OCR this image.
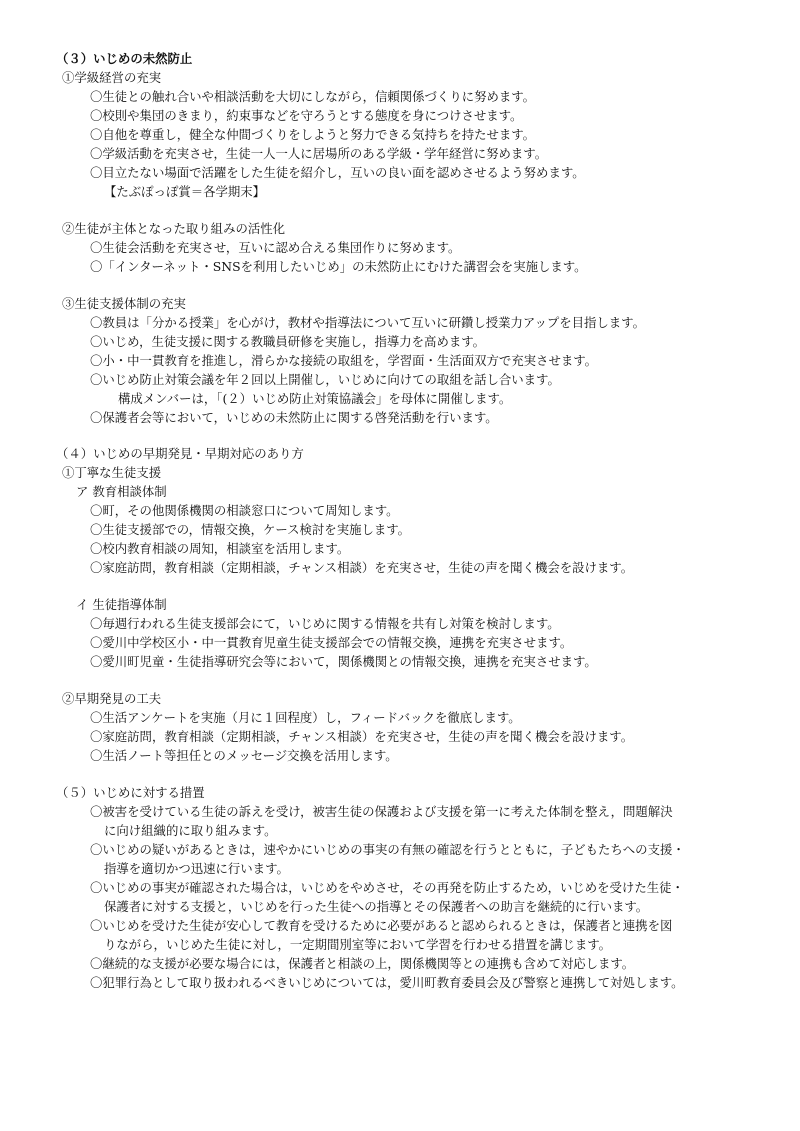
（３）いじめの未然防止
①学級経営の充実
〇生徒との触れ合いや相談活動を大切にしながら，信頼関係づくりに努めます。
〇校則や集団のきまり，約束事などを守ろうとする態度を身につけさせます。
〇自他を尊重し，健全な仲間づくりをしようと努力できる気持ちを持たせます。
〇学級活動を充実させ，生徒一人一人に居場所のある学級・学年経営に努めます。
〇目立たない場面で活躍をした生徒を紹介し，互いの良い面を認めさせるよう努めます。
【たぶぽっぽ賞＝各学期末】
②生徒が主体となった取り組みの活性化
〇生徒会活動を充実させ，互いに認め合える集団作りに努めます。
〇「インターネット・SNSを利用したいじめ」の未然防止にむけた講習会を実施します。
③生徒支援体制の充実
〇教員は「分かる授業」を心がけ，教材や指導法について互いに研鑽し授業力アップを目指します。
〇いじめ，生徒支援に関する教職員研修を実施し，指導力を高めます。
〇小・中一貫教育を推進し，滑らかな接続の取組を，学習面・生活面双方で充実させます。
〇いじめ防止対策会議を年２回以上開催し，いじめに向けての取組を話し合います。
構成メンバーは，「(２）いじめ防止対策協議会」を母体に開催します。
〇保護者会等において，いじめの未然防止に関する啓発活動を行います。
（４）いじめの早期発見・早期対応のあり方
①丁寧な生徒支援
ア 教育相談体制
〇町，その他関係機関の相談窓口について周知します。
〇生徒支援部での，情報交換，ケース検討を実施します。
〇校内教育相談の周知，相談室を活用します。
〇家庭訪問，教育相談（定期相談，チャンス相談）を充実させ，生徒の声を聞く機会を設けます。
イ 生徒指導体制
〇毎週行われる生徒支援部会にて，いじめに関する情報を共有し対策を検討します。
〇愛川中学校区小・中一貫教育児童生徒支援部会での情報交換，連携を充実させます。
〇愛川町児童・生徒指導研究会等において，関係機関との情報交換，連携を充実させます。
②早期発見の工夫
〇生活アンケートを実施（月に１回程度）し，フィードバックを徹底します。
〇家庭訪問，教育相談（定期相談，チャンス相談）を充実させ，生徒の声を聞く機会を設けます。
〇生活ノート等担任とのメッセージ交換を活用します。
（５）いじめに対する措置
〇被害を受けている生徒の訴えを受け，被害生徒の保護および支援を第一に考えた体制を整え，問題解決
に向け組織的に取り組みます。
〇いじめの疑いがあるときは，速やかにいじめの事実の有無の確認を行うとともに，子どもたちへの支援・
指導を適切かつ迅速に行います。
〇いじめの事実が確認された場合は，いじめをやめさせ，その再発を防止するため，いじめを受けた生徒・
保護者に対する支援と，いじめを行った生徒への指導とその保護者への助言を継続的に行います。
〇いじめを受けた生徒が安心して教育を受けるために必要があると認められるときは，保護者と連携を図
りながら，いじめた生徒に対し，一定期間別室等において学習を行わせる措置を講じます。
〇継続的な支援が必要な場合には，保護者と相談の上，関係機関等との連携も含めて対応します。
〇犯罪行為として取り扱われるべきいじめについては，愛川町教育委員会及び警察と連携して対処します。
